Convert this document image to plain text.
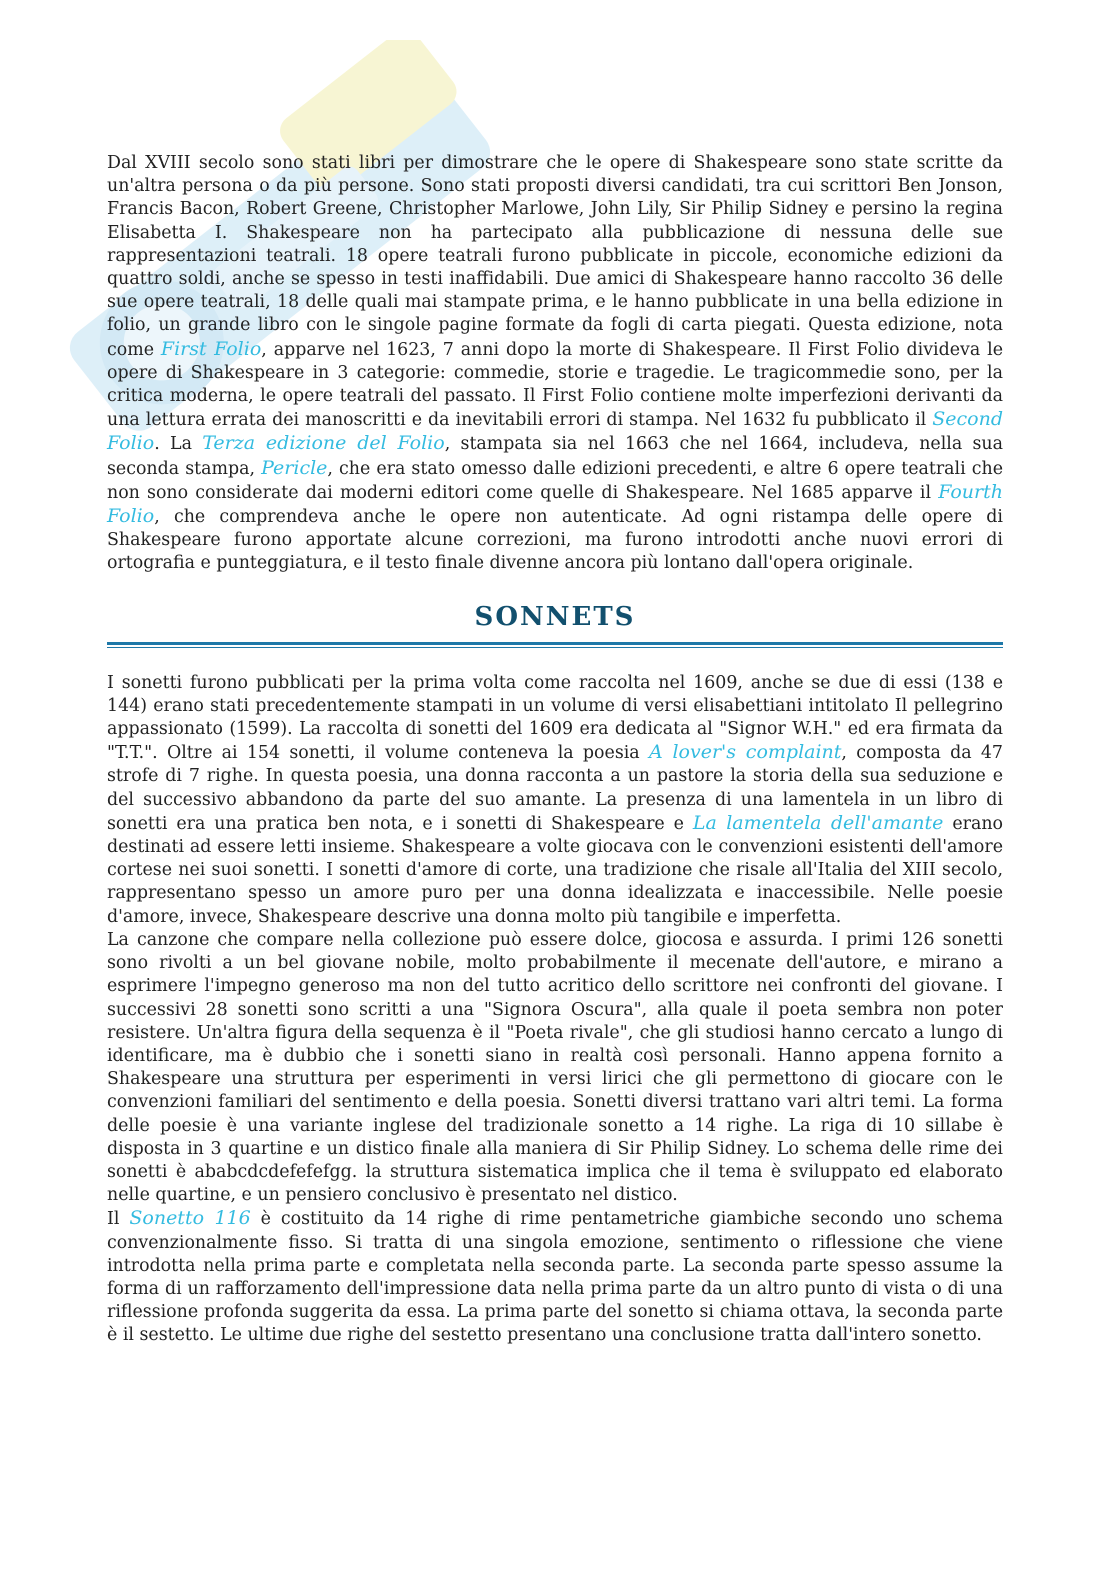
Dal XVIII secolo sono stati libri per dimostrare che le opere di Shakespeare sono state scritte da un'altra persona o da più persone. Sono stati proposti diversi candidati, tra cui scrittori Ben Jonson, Francis Bacon, Robert Greene, Christopher Marlowe, John Lily, Sir Philip Sidney e persino la regina Elisabetta I. Shakespeare non ha partecipato alla pubblicazione di nessuna delle sue rappresentazioni teatrali. 18 opere teatrali furono pubblicate in piccole, economiche edizioni da quattro soldi, anche se spesso in testi inaffidabili. Due amici di Shakespeare hanno raccolto 36 delle sue opere teatrali, 18 delle quali mai stampate prima, e le hanno pubblicate in una bella edizione in folio, un grande libro con le singole pagine formate da fogli di carta piegati. Questa edizione, nota come First Folio, apparve nel 1623, 7 anni dopo la morte di Shakespeare. Il First Folio divideva le opere di Shakespeare in 3 categorie: commedie, storie e tragedie. Le tragicommedie sono, per la critica moderna, le opere teatrali del passato. Il First Folio contiene molte imperfezioni derivanti da una lettura errata dei manoscritti e da inevitabili errori di stampa. Nel 1632 fu pubblicato il Second Folio. La Terza edizione del Folio, stampata sia nel 1663 che nel 1664, includeva, nella sua seconda stampa, Pericle, che era stato omesso dalle edizioni precedenti, e altre 6 opere teatrali che non sono considerate dai moderni editori come quelle di Shakespeare. Nel 1685 apparve il Fourth Folio, che comprendeva anche le opere non autenticate. Ad ogni ristampa delle opere di Shakespeare furono apportate alcune correzioni, ma furono introdotti anche nuovi errori di ortografia e punteggiatura, e il testo finale divenne ancora più lontano dall'opera originale.

SONNETS

I sonetti furono pubblicati per la prima volta come raccolta nel 1609, anche se due di essi (138 e 144) erano stati precedentemente stampati in un volume di versi elisabettiani intitolato Il pellegrino appassionato (1599). La raccolta di sonetti del 1609 era dedicata al "Signor W.H." ed era firmata da "T.T.". Oltre ai 154 sonetti, il volume conteneva la poesia A lover's complaint, composta da 47 strofe di 7 righe. In questa poesia, una donna racconta a un pastore la storia della sua seduzione e del successivo abbandono da parte del suo amante. La presenza di una lamentela in un libro di sonetti era una pratica ben nota, e i sonetti di Shakespeare e La lamentela dell'amante erano destinati ad essere letti insieme. Shakespeare a volte giocava con le convenzioni esistenti dell'amore cortese nei suoi sonetti. I sonetti d'amore di corte, una tradizione che risale all'Italia del XIII secolo, rappresentano spesso un amore puro per una donna idealizzata e inaccessibile. Nelle poesie d'amore, invece, Shakespeare descrive una donna molto più tangibile e imperfetta.

La canzone che compare nella collezione può essere dolce, giocosa e assurda. I primi 126 sonetti sono rivolti a un bel giovane nobile, molto probabilmente il mecenate dell'autore, e mirano a esprimere l'impegno generoso ma non del tutto acritico dello scrittore nei confronti del giovane. I successivi 28 sonetti sono scritti a una "Signora Oscura", alla quale il poeta sembra non poter resistere. Un'altra figura della sequenza è il "Poeta rivale", che gli studiosi hanno cercato a lungo di identificare, ma è dubbio che i sonetti siano in realtà così personali. Hanno appena fornito a Shakespeare una struttura per esperimenti in versi lirici che gli permettono di giocare con le convenzioni familiari del sentimento e della poesia. Sonetti diversi trattano vari altri temi. La forma delle poesie è una variante inglese del tradizionale sonetto a 14 righe. La riga di 10 sillabe è disposta in 3 quartine e un distico finale alla maniera di Sir Philip Sidney. Lo schema delle rime dei sonetti è ababcdcdefefefgg. la struttura sistematica implica che il tema è sviluppato ed elaborato nelle quartine, e un pensiero conclusivo è presentato nel distico.

Il Sonetto 116 è costituito da 14 righe di rime pentametriche giambiche secondo uno schema convenzionalmente fisso. Si tratta di una singola emozione, sentimento o riflessione che viene introdotta nella prima parte e completata nella seconda parte. La seconda parte spesso assume la forma di un rafforzamento dell'impressione data nella prima parte da un altro punto di vista o di una riflessione profonda suggerita da essa. La prima parte del sonetto si chiama ottava, la seconda parte è il sestetto. Le ultime due righe del sestetto presentano una conclusione tratta dall'intero sonetto.
